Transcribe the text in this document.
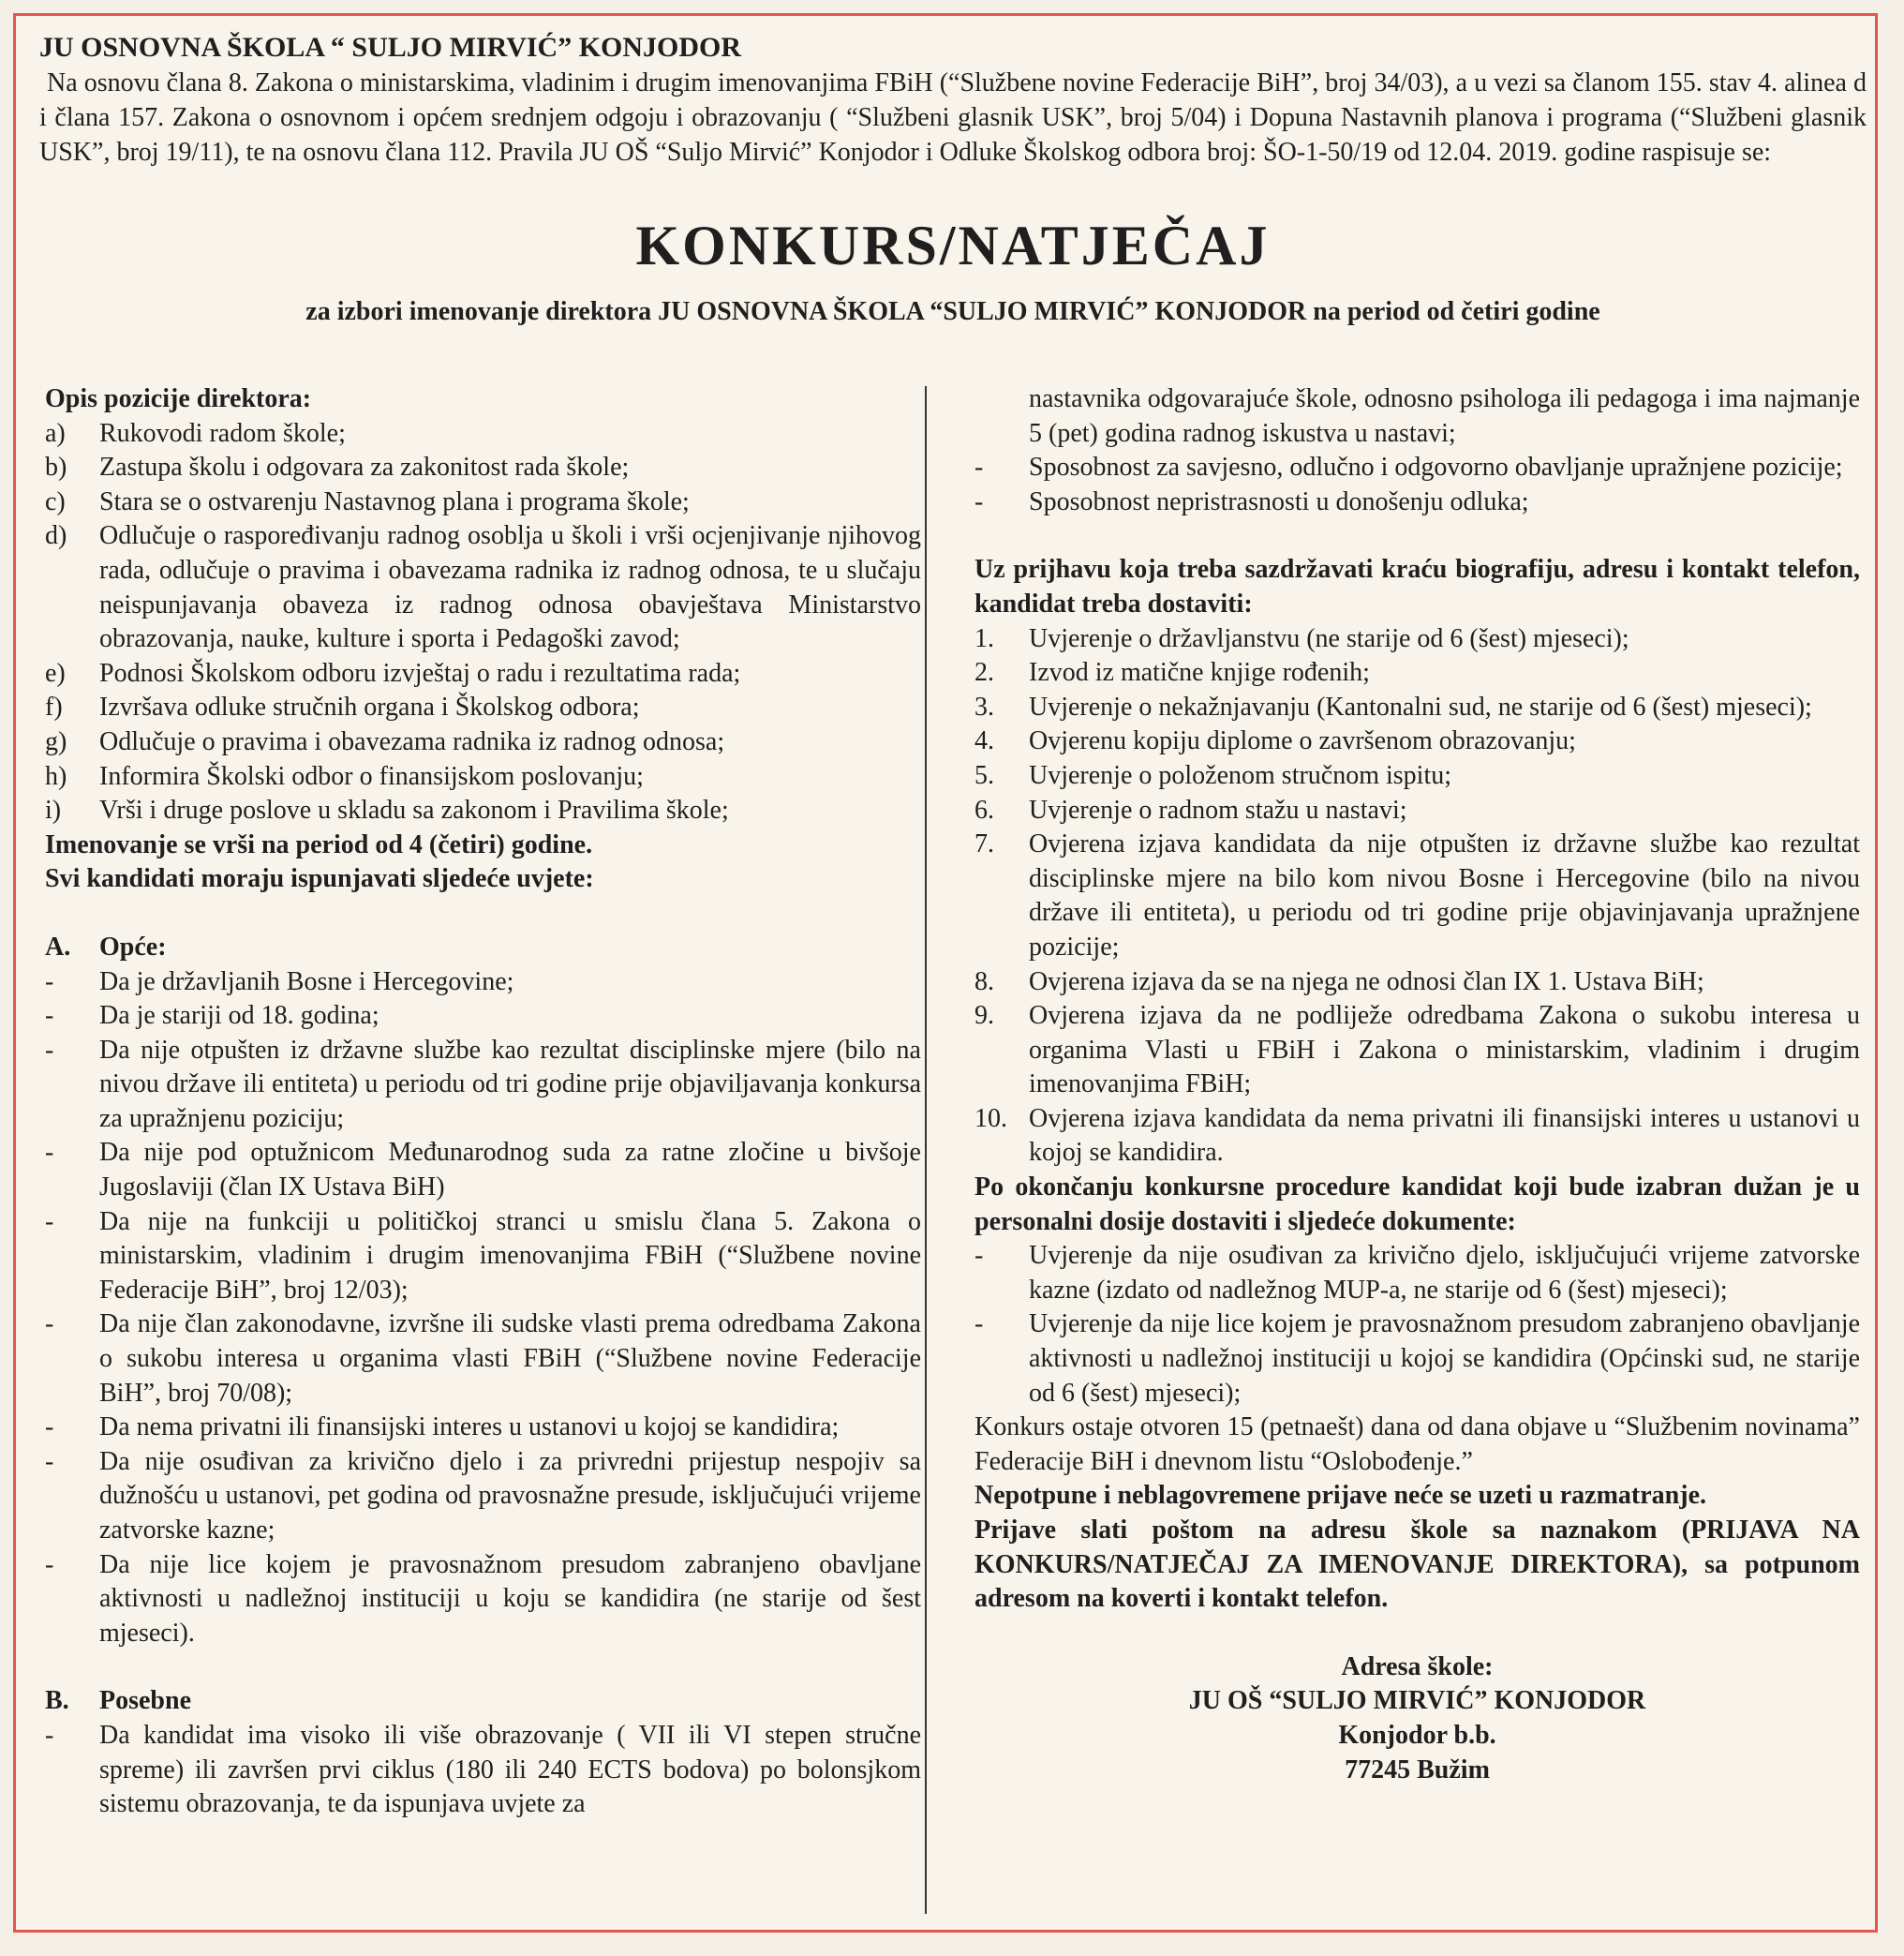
JU OSNOVNA ŠKOLA “ SULJO MIRVIĆ” KONJODOR
Na osnovu člana 8. Zakona o ministarskima, vladinim i drugim imenovanjima FBiH (“Službene novine Federacije BiH”, broj 34/03), a u vezi sa članom 155. stav 4. alinea d i člana 157. Zakona o osnovnom i općem srednjem odgoju i obrazovanju ( “Službeni glasnik USK”, broj 5/04) i Dopuna Nastavnih planova i programa (“Službeni glasnik USK”, broj 19/11), te na osnovu člana 112. Pravila JU OŠ “Suljo Mirvić” Konjodor i Odluke Školskog odbora broj: ŠO-1-50/19 od 12.04. 2019. godine raspisuje se:
KONKURS/NATJEČAJ
za izbori imenovanje direktora JU OSNOVNA ŠKOLA “SULJO MIRVIĆ” KONJODOR na period od četiri godine
Opis pozicije direktora:
a)	Rukovodi radom škole;
b)	Zastupa školu i odgovara za zakonitost rada škole;
c)	Stara se o ostvarenju Nastavnog plana i programa škole;
d)	Odlučuje o raspoređivanju radnog osoblja u školi i vrši ocjenjivanje njihovog rada, odlučuje o pravima i obavezama radnika iz radnog odnosa, te u slučaju neispunjavanja obaveza iz radnog odnosa obavještava Ministarstvo obrazovanja, nauke, kulture i sporta i Pedagoški zavod;
e)	Podnosi Školskom odboru izvještaj o radu i rezultatima rada;
f)	Izvršava odluke stručnih organa i Školskog odbora;
g)	Odlučuje o pravima i obavezama radnika iz radnog odnosa;
h)	Informira Školski odbor o finansijskom poslovanju;
i)	Vrši i druge poslove u skladu sa zakonom i Pravilima škole;
Imenovanje se vrši na period od 4 (četiri) godine.
Svi kandidati moraju ispunjavati sljedeće uvjete:
A.	Opće:
-	Da je državljanih Bosne i Hercegovine;
-	Da je stariji od 18. godina;
-	Da nije otpušten iz državne službe kao rezultat disciplinske mjere (bilo na nivou države ili entiteta) u periodu od tri godine prije objaviljavanja konkursa za upražnjenu poziciju;
-	Da nije pod optužnicom Međunarodnog suda za ratne zločine u bivšoje Jugoslaviji (član IX Ustava BiH)
-	Da nije na funkciji u političkoj stranci u smislu člana 5. Zakona o ministarskim, vladinim i drugim imenovanjima FBiH (“Službene novine Federacije BiH”, broj 12/03);
-	Da nije član zakonodavne, izvršne ili sudske vlasti prema odredbama Zakona o sukobu interesa u organima vlasti FBiH (“Službene novine Federacije BiH”, broj 70/08);
-	Da nema privatni ili finansijski interes u ustanovi u kojoj se kandidira;
-	Da nije osuđivan za krivično djelo i za privredni prijestup nespojiv sa dužnošću u ustanovi, pet godina od pravosnažne presude, isključujući vrijeme zatvorske kazne;
-	Da nije lice kojem je pravosnažnom presudom zabranjeno obavljane aktivnosti u nadležnoj instituciji u koju se kandidira (ne starije od šest mjeseci).
B.	Posebne
-	Da kandidat ima visoko ili više obrazovanje ( VII ili VI stepen stručne spreme) ili završen prvi ciklus (180 ili 240 ECTS bodova) po bolonsjkom sistemu obrazovanja, te da ispunjava uvjete za
nastavnika odgovarajuće škole, odnosno psihologa ili pedagoga i ima najmanje 5 (pet) godina radnog iskustva u nastavi;
-	Sposobnost za savjesno, odlučno i odgovorno obavljanje upražnjene pozicije;
-	Sposobnost nepristrasnosti u donošenju odluka;
Uz prijhavu koja treba sazdržavati kraću biografiju, adresu i kontakt telefon, kandidat treba dostaviti:
1.	Uvjerenje o državljanstvu (ne starije od 6 (šest) mjeseci);
2.	Izvod iz matične knjige rođenih;
3.	Uvjerenje o nekažnjavanju (Kantonalni sud, ne starije od 6 (šest) mjeseci);
4.	Ovjerenu kopiju diplome o završenom obrazovanju;
5.	Uvjerenje o položenom stručnom ispitu;
6.	Uvjerenje o radnom stažu u nastavi;
7.	Ovjerena izjava kandidata da nije otpušten iz državne službe kao rezultat disciplinske mjere na bilo kom nivou Bosne i Hercegovine (bilo na nivou države ili entiteta), u periodu od tri godine prije objavinjavanja upražnjene pozicije;
8.	Ovjerena izjava da se na njega ne odnosi član IX 1. Ustava BiH;
9.	Ovjerena izjava da ne podliježe odredbama Zakona o sukobu interesa u organima Vlasti u FBiH i Zakona o ministarskim, vladinim i drugim imenovanjima FBiH;
10. Ovjerena izjava kandidata da nema privatni ili finansijski interes u ustanovi u kojoj se kandidira.
Po okončanju konkursne procedure kandidat koji bude izabran dužan je u personalni dosije dostaviti i sljedeće dokumente:
-	Uvjerenje da nije osuđivan za krivično djelo, isključujući vrijeme zatvorske kazne (izdato od nadležnog MUP-a, ne starije od 6 (šest) mjeseci);
-	Uvjerenje da nije lice kojem je pravosnažnom presudom zabranjeno obavljanje aktivnosti u nadležnoj instituciji u kojoj se kandidira (Općinski sud, ne starije od 6 (šest) mjeseci);
Konkurs ostaje otvoren 15 (petnaešt) dana od dana objave u “Službenim novinama” Federacije BiH i dnevnom listu “Oslobođenje.”
Nepotpune i neblagovremene prijave neće se uzeti u razmatranje.
Prijave slati poštom na adresu škole sa naznakom (PRIJAVA NA KONKURS/NATJEČAJ ZA IMENOVANJE DIREKTORA), sa potpunom adresom na koverti i kontakt telefon.
Adresa škole:
JU OŠ “SULJO MIRVIĆ” KONJODOR
Konjodor b.b.
77245 Bužim
